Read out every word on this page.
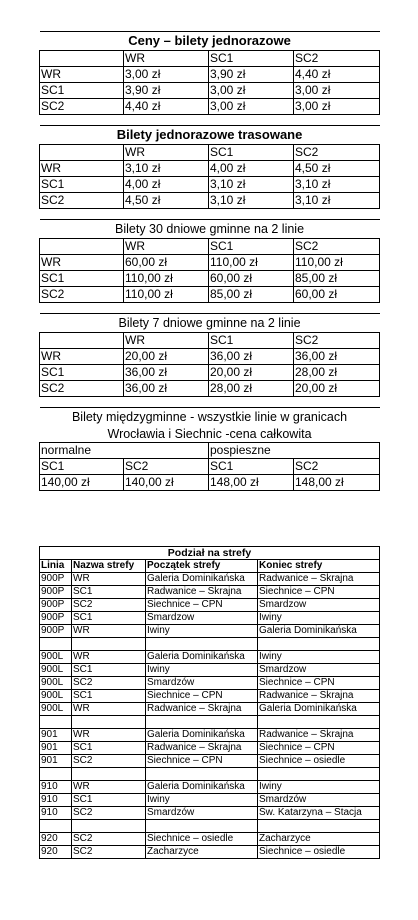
Ceny – bilety jednorazowe			
	WR	SC1	SC2
WR	3,00 zł	3,90 zł	4,40 zł
SC1	3,90 zł	3,00 zł	3,00 zł
SC2	4,40 zł	3,00 zł	3,00 zł

Bilety jednorazowe trasowane			
	WR	SC1	SC2
WR	3,10 zł	4,00 zł	4,50 zł
SC1	4,00 zł	3,10 zł	3,10 zł
SC2	4,50 zł	3,10 zł	3,10 zł

Bilety 30 dniowe gminne na 2 linie			
	WR	SC1	SC2
WR	60,00 zł	110,00 zł	110,00 zł
SC1	110,00 zł	60,00 zł	85,00 zł
SC2	110,00 zł	85,00 zł	60,00 zł

Bilety 7 dniowe gminne na 2 linie			
	WR	SC1	SC2
WR	20,00 zł	36,00 zł	36,00 zł
SC1	36,00 zł	20,00 zł	28,00 zł
SC2	36,00 zł	28,00 zł	20,00 zł

Bilety międzygminne - wszystkie linie w granicach			
Wrocławia i Siechnic -cena całkowita			
normalne		pospieszne	
SC1	SC2	SC1	SC2
140,00 zł	140,00 zł	148,00 zł	148,00 zł
Podział na strefy			
Linia	Nazwa strefy	Początek strefy	Koniec strefy
900P	WR	Galeria Dominikańska	Radwanice – Skrajna
900P	SC1	Radwanice – Skrajna	Siechnice – CPN
900P	SC2	Siechnice – CPN	Smardzow
900P	SC1	Smardzow	Iwiny
900P	WR	Iwiny	Galeria Dominikańska

900L	WR	Galeria Dominikańska	Iwiny
900L	SC1	Iwiny	Smardzow
900L	SC2	Smardzów	Siechnice – CPN
900L	SC1	Siechnice – CPN	Radwanice – Skrajna
900L	WR	Radwanice – Skrajna	Galeria Dominikańska

901	WR	Galeria Dominikańska	Radwanice – Skrajna
901	SC1	Radwanice – Skrajna	Siechnice – CPN
901	SC2	Siechnice – CPN	Siechnice – osiedle

910	WR	Galeria Dominikańska	Iwiny
910	SC1	Iwiny	Smardzów
910	SC2	Smardzów	Św. Katarzyna – Stacja

920	SC2	Siechnice – osiedle	Zacharzyce
920	SC2	Zacharzyce	Siechnice – osiedle
